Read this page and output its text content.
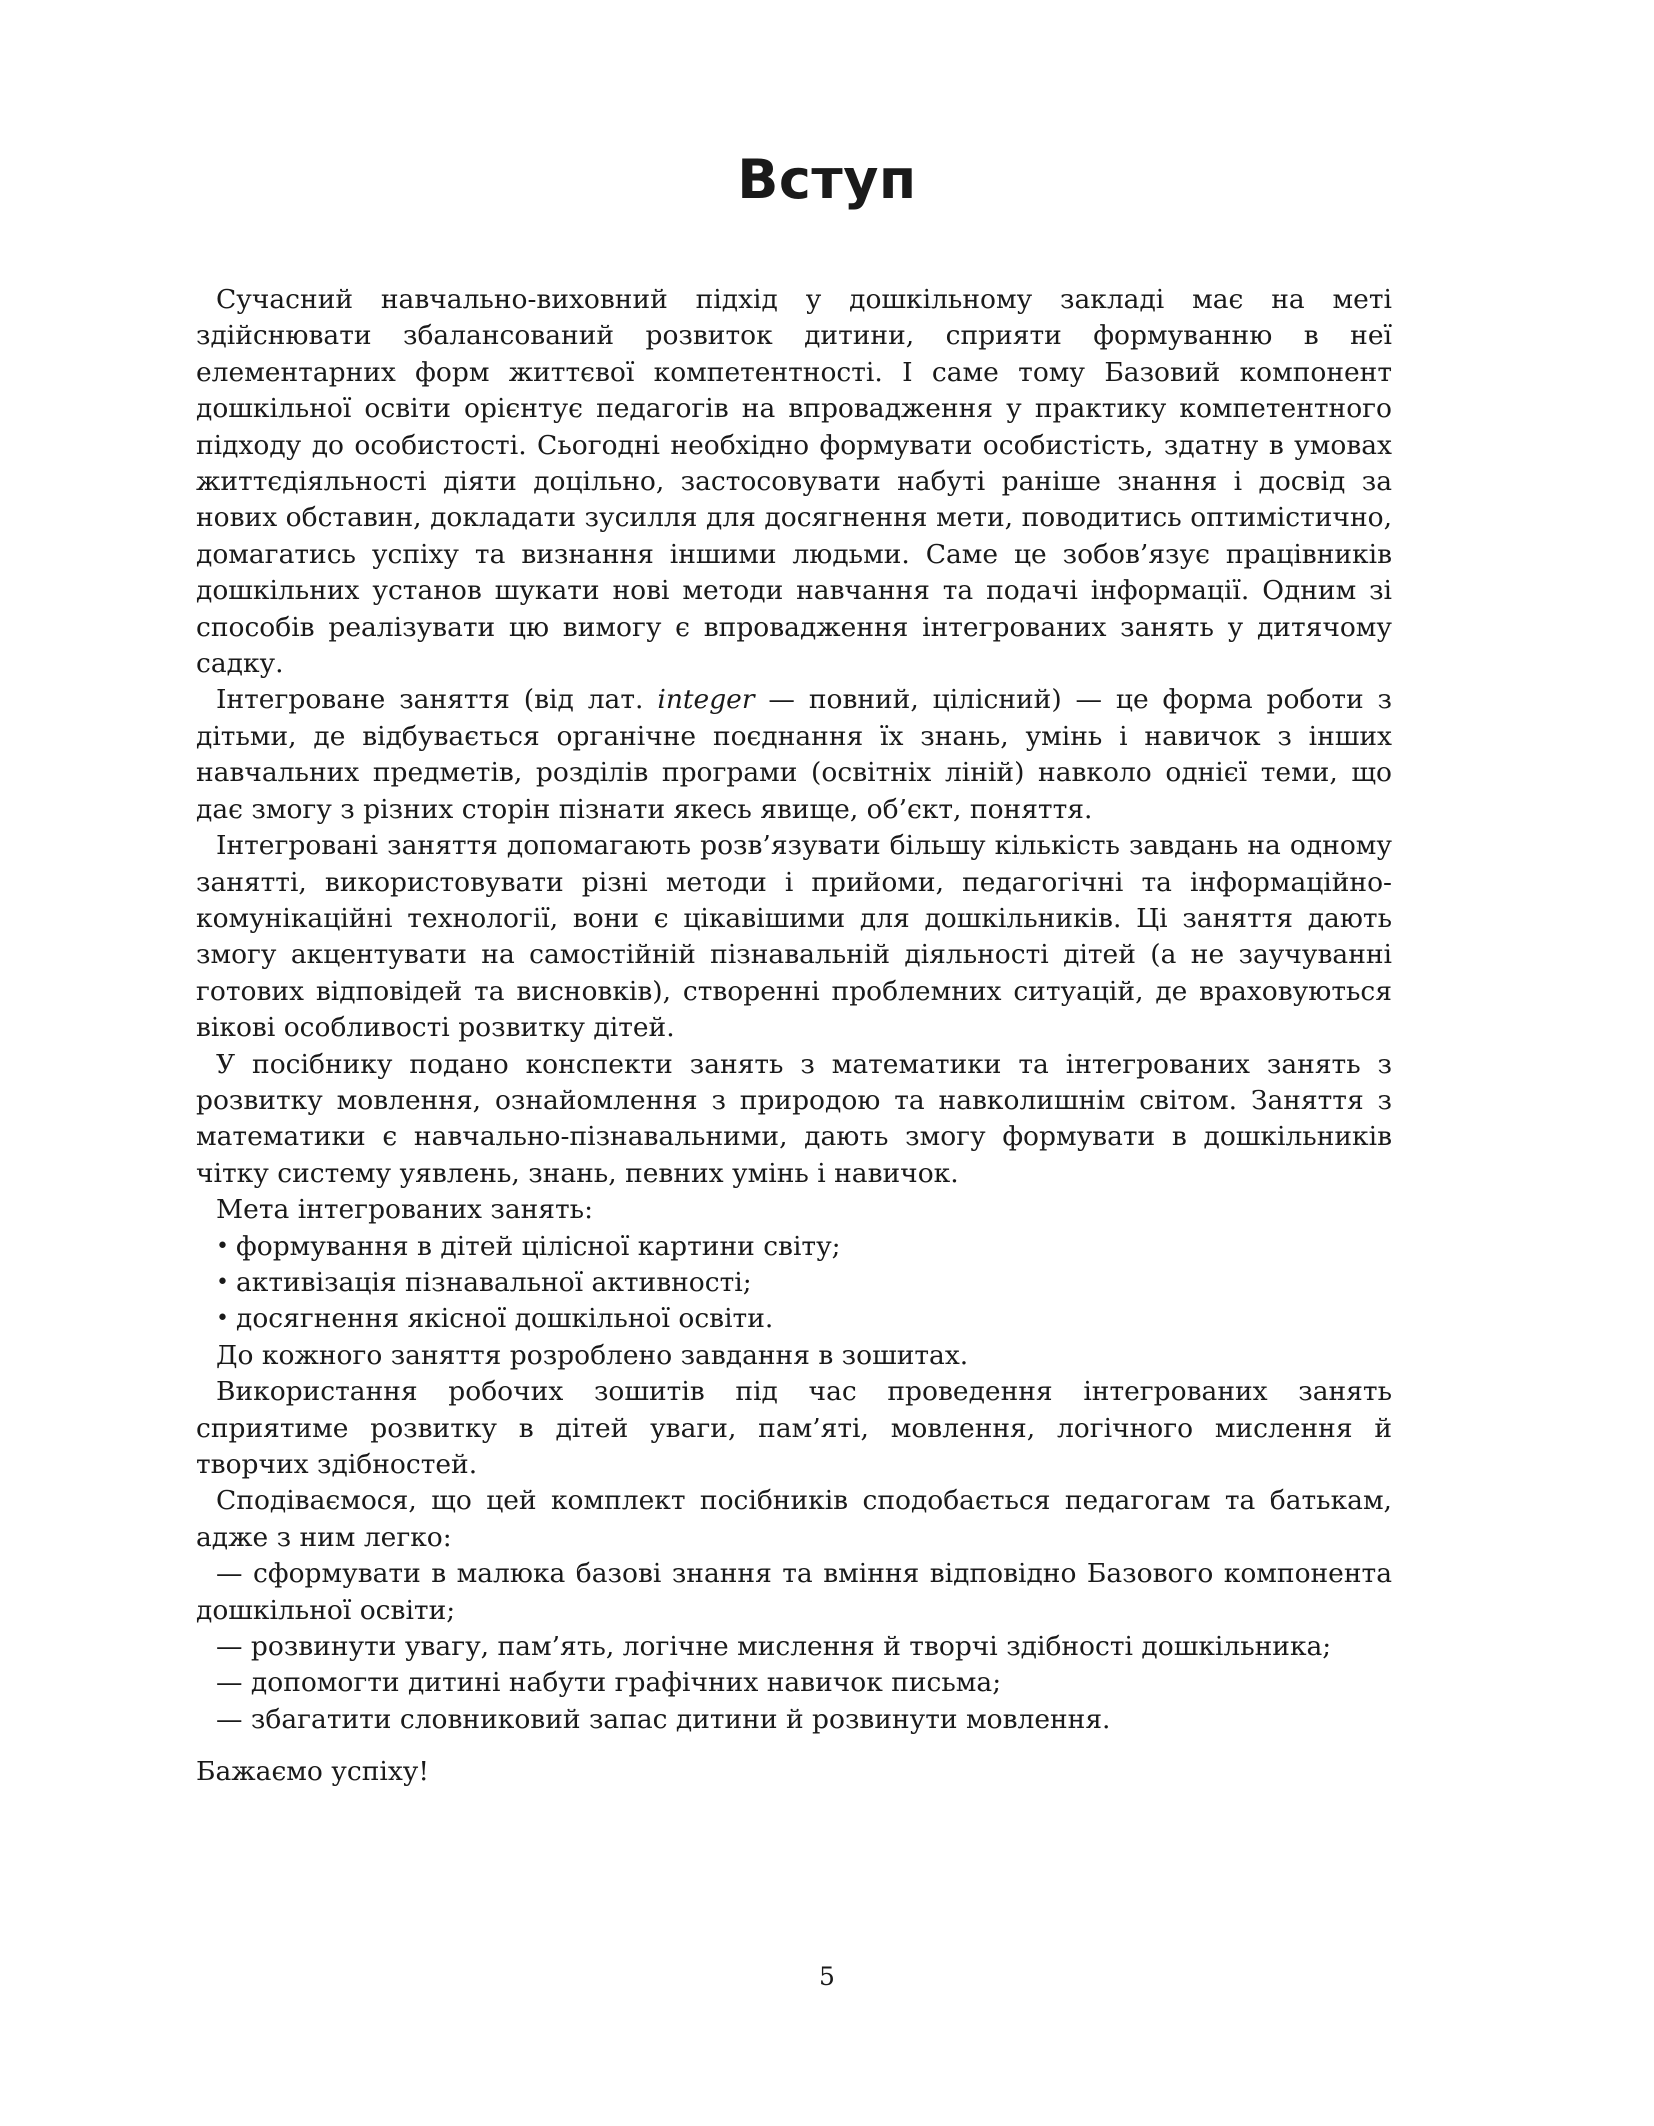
Вступ

Сучасний навчально-виховний підхід у дошкільному закладі має на меті здійснювати збалансований розвиток дитини, сприяти формуванню в неї елементарних форм життєвої компетентності. І саме тому Базовий компонент дошкільної освіти орієнтує педагогів на впровадження у практику компетентного підходу до особистості. Сьогодні необхідно формувати особистість, здатну в умовах життєдіяльності діяти доцільно, застосовувати набуті раніше знання і досвід за нових обставин, докладати зусилля для досягнення мети, поводитись оптимістично, домагатись успіху та визнання іншими людьми. Саме це зобов’язує працівників дошкільних установ шукати нові методи навчання та подачі інформації. Одним зі способів реалізувати цю вимогу є впровадження інтегрованих занять у дитячому садку.

Інтегроване заняття (від лат. integer — повний, цілісний) — це форма роботи з дітьми, де відбувається органічне поєднання їх знань, умінь і навичок з інших навчальних предметів, розділів програми (освітніх ліній) навколо однієї теми, що дає змогу з різних сторін пізнати якесь явище, об’єкт, поняття.

Інтегровані заняття допомагають розв’язувати більшу кількість завдань на одному занятті, використовувати різні методи і прийоми, педагогічні та інформаційно-комунікаційні технології, вони є цікавішими для дошкільників. Ці заняття дають змогу акцентувати на самостійній пізнавальній діяльності дітей (а не заучуванні готових відповідей та висновків), створенні проблемних ситуацій, де враховуються вікові особливості розвитку дітей.

У посібнику подано конспекти занять з математики та інтегрованих занять з розвитку мовлення, ознайомлення з природою та навколишнім світом. Заняття з математики є навчально-пізнавальними, дають змогу формувати в дошкільників чітку систему уявлень, знань, певних умінь і навичок.

Мета інтегрованих занять:

• формування в дітей цілісної картини світу;
• активізація пізнавальної активності;
• досягнення якісної дошкільної освіти.

До кожного заняття розроблено завдання в зошитах.

Використання робочих зошитів під час проведення інтегрованих занять сприятиме розвитку в дітей уваги, пам’яті, мовлення, логічного мислення й творчих здібностей.

Сподіваємося, що цей комплект посібників сподобається педагогам та батькам, адже з ним легко:

— сформувати в малюка базові знання та вміння відповідно Базового компонента дошкільної освіти;

— розвинути увагу, пам’ять, логічне мислення й творчі здібності дошкільника;

— допомогти дитині набути графічних навичок письма;

— збагатити словниковий запас дитини й розвинути мовлення.

Бажаємо успіху!

5
